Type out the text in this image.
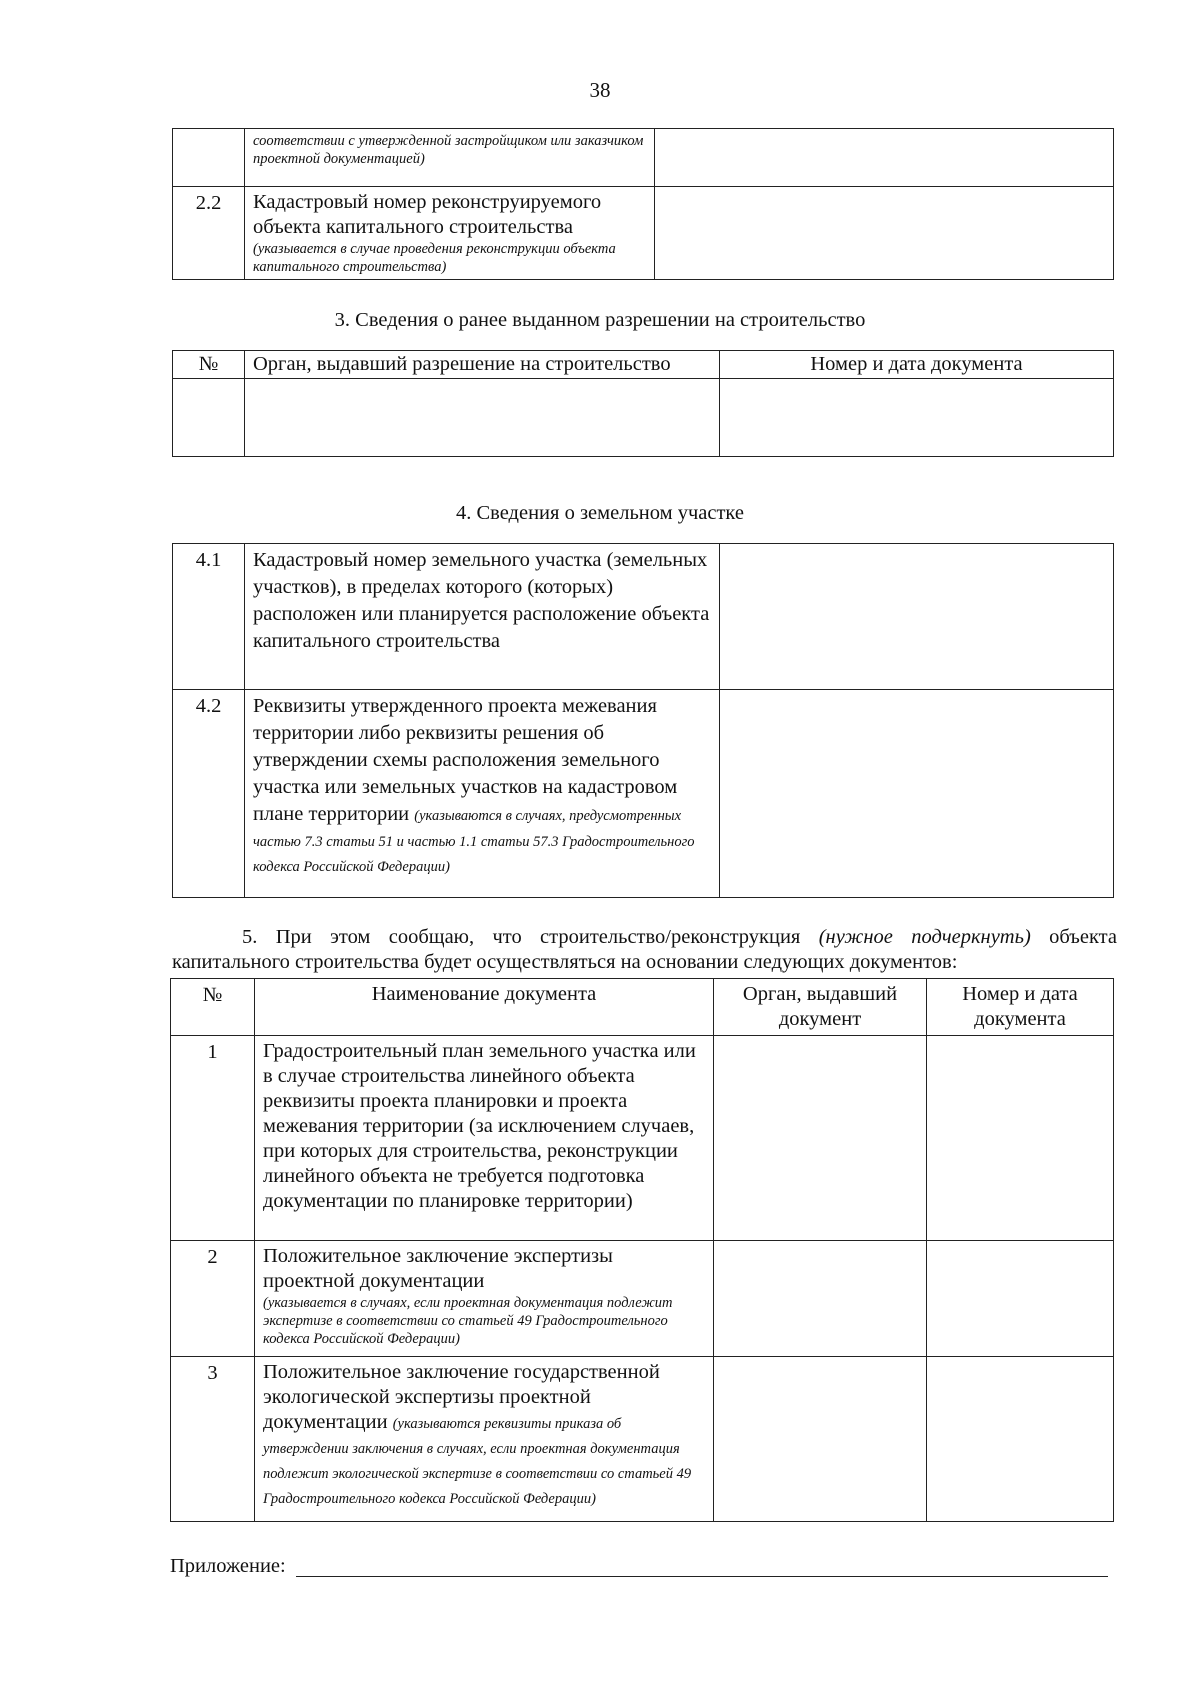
38
	соответствии с утвержденной застройщиком или заказчиком проектной документацией)	
2.2	Кадастровый номер реконструируемого объекта капитального строительства
(указывается в случае проведения реконструкции объекта капитального строительства)	

3. Сведения о ранее выданном разрешении на строительство
№	Орган, выдавший разрешение на строительство	Номер и дата документа

4. Сведения о земельном участке
4.1	Кадастровый номер земельного участка (земельных участков), в пределах которого (которых) расположен или планируется расположение объекта капитального строительства	
4.2	Реквизиты утвержденного проекта межевания территории либо реквизиты решения об утверждении схемы расположения земельного участка или земельных участков на кадастровом плане территории (указываются в случаях, предусмотренных частью 7.3 статьи 51 и частью 1.1 статьи 57.3 Градостроительного кодекса Российской Федерации)	
5. При этом сообщаю, что строительство/реконструкция (нужное подчеркнуть) объекта капитального строительства будет осуществляться на основании следующих документов:
№	Наименование документа	Орган, выдавший документ	Номер и дата документа
1	Градостроительный план земельного участка или в случае строительства линейного объекта реквизиты проекта планировки и проекта межевания территории (за исключением случаев, при которых для строительства, реконструкции линейного объекта не требуется подготовка документации по планировке территории)		
2	Положительное заключение экспертизы проектной документации
(указывается в случаях, если проектная документация подлежит экспертизе в соответствии со статьей 49 Градостроительного кодекса Российской Федерации)		

3	Положительное заключение государственной экологической экспертизы проектной документации (указываются реквизиты приказа об утверждении заключения в случаях, если проектная документация подлежит экологической экспертизе в соответствии со статьей 49 Градостроительного кодекса Российской Федерации)		
Приложение:
